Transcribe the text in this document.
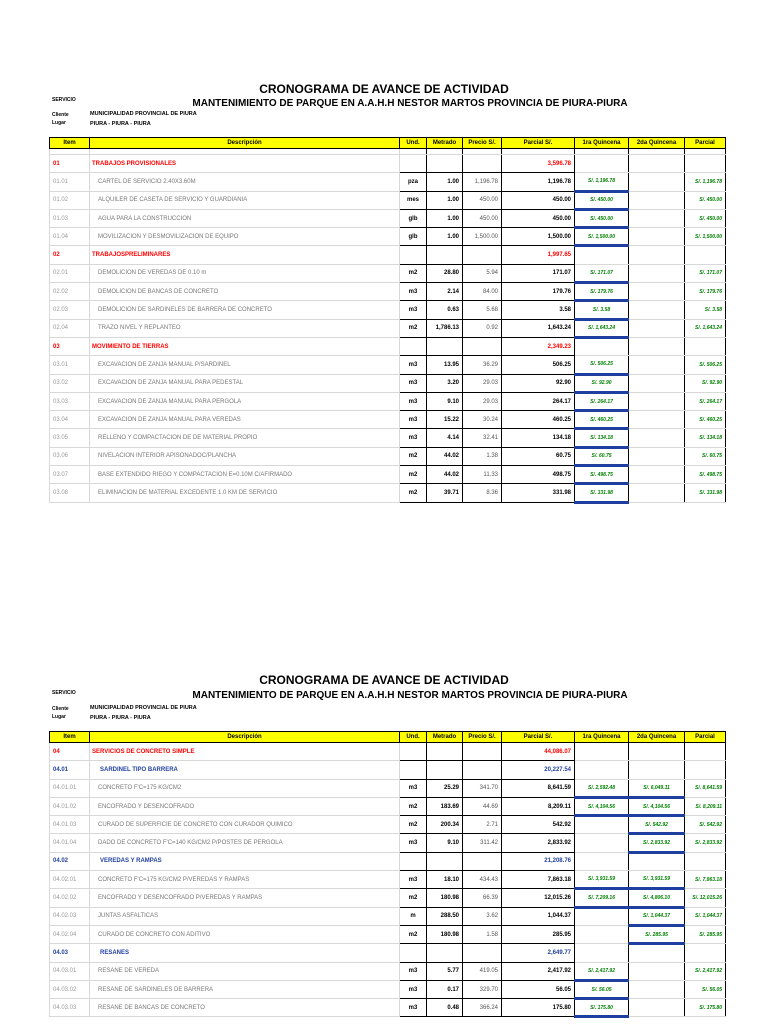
CRONOGRAMA DE AVANCE DE ACTIVIDAD
MANTENIMIENTO DE PARQUE EN A.A.H.H NESTOR MARTOS PROVINCIA DE PIURA-PIURA
SERVICIO
Cliente	MUNICIPALIDAD PROVINCIAL DE PIURA
Lugar	PIURA - PIURA - PIURA
Item	Descripción	Und.	Metrado	Precio S/.	Parcial S/.	1ra Quincena	2da Quincena	Parcial

01	TRABAJOS PROVISIONALES				3,596.78			
01.01	CARTEL DE SERVICIO 2.40X3.60M	pza	1.00	1,196.78	1,196.78	S/. 1,196.78		S/. 1,196.78
01.02	ALQUILER DE CASETA DE SERVICIO Y GUARDIANIA	mes	1.00	450.00	450.00	S/. 450.00		S/. 450.00
01.03	AGUA PARA LA CONSTRUCCION	glb	1.00	450.00	450.00	S/. 450.00		S/. 450.00
01.04	MOVILIZACION Y DESMOVILIZACION DE EQUIPO	glb	1.00	1,500.00	1,500.00	S/. 1,500.00		S/. 1,500.00
02	TRABAJOSPRELIMINARES				1,997.65			
02.01	DEMOLICION DE VEREDAS DE 0.10 m	m2	28.80	5.94	171.07	S/. 171.07		S/. 171.07
02.02	DEMOLICION DE BANCAS DE CONCRETO	m3	2.14	84.00	179.76	S/. 179.76		S/. 179.76
02.03	DEMOLICION DE SARDINELES DE BARRERA DE CONCRETO	m3	0.63	5.68	3.58	S/. 3.58		S/. 3.58
02.04	TRAZO NIVEL Y REPLANTEO	m2	1,786.13	0.92	1,643.24	S/. 1,643.24		S/. 1,643.24
03	MOVIMIENTO DE TIERRAS				2,349.23			
03.01	EXCAVACION DE ZANJA MANUAL P/SARDINEL	m3	13.95	36.29	506.25	S/. 506.25		S/. 506.25
03.02	EXCAVACION DE ZANJA MANUAL PARA PEDESTAL	m3	3.20	29.03	92.90	S/. 92.90		S/. 92.90
03.03	EXCAVACION DE ZANJA MANUAL PARA PERGOLA	m3	9.10	29.03	264.17	S/. 264.17		S/. 264.17
03.04	EXCAVACION DE ZANJA MANUAL PARA VEREDAS	m3	15.22	30.24	460.25	S/. 460.25		S/. 460.25
03.05	RELLENO Y COMPACTACION DE DE MATERIAL PROPIO	m3	4.14	32.41	134.18	S/. 134.18		S/. 134.18
03.06	NIVELACION INTERIOR APISONADOC/PLANCHA	m2	44.02	1.38	60.75	S/. 60.75		S/. 60.75
03.07	BASE EXTENDIDO RIEGO Y COMPACTACION E=0.10M C/AFIRMADO	m2	44.02	11.33	498.75	S/. 498.75		S/. 498.75
03.08	ELIMINACION DE MATERIAL EXCEDENTE 1.0 KM DE SERVICIO	m2	39.71	8.36	331.98	S/. 331.98		S/. 331.98
CRONOGRAMA DE AVANCE DE ACTIVIDAD
MANTENIMIENTO DE PARQUE EN A.A.H.H NESTOR MARTOS PROVINCIA DE PIURA-PIURA
SERVICIO
Cliente	MUNICIPALIDAD PROVINCIAL DE PIURA
Lugar	PIURA - PIURA - PIURA
Item	Descripción	Und.	Metrado	Precio S/.	Parcial S/.	1ra Quincena	2da Quincena	Parcial
04	SERVICIOS DE CONCRETO SIMPLE				44,086.07			
04.01	SARDINEL TIPO BARRERA				20,227.54			
04.01.01	CONCRETO F'C=175 KG/CM2	m3	25.29	341.70	8,641.59	S/. 2,592.48	S/. 6,049.11	S/. 8,641.59
04.01.02	ENCOFRADO Y DESENCOFRADO	m2	183.69	44.69	8,209.11	S/. 4,104.56	S/. 4,104.56	S/. 8,209.11
04.01.03	CURADO DE SUPERFICIE DE CONCRETO CON CURADOR QUIMICO	m2	200.34	2.71	542.92		S/. 542.92	S/. 542.92
04.01.04	DADO DE CONCRETO F'C=140 KG/CM2 P/POSTES DE PERGOLA	m3	9.10	311.42	2,833.92		S/. 2,833.92	S/. 2,833.92
04.02	VEREDAS Y RAMPAS				21,208.76			
04.02.01	CONCRETO F'C=175 KG/CM2 P/VEREDAS Y RAMPAS	m3	18.10	434.43	7,863.18	S/. 3,931.59	S/. 3,931.59	S/. 7,863.18
04.02.02	ENCOFRADO Y DESENCOFRADO P/VEREDAS Y RAMPAS	m2	180.98	66.39	12,015.26	S/. 7,209.16	S/. 4,806.10	S/. 12,015.26
04.02.03	JUNTAS ASFALTICAS	m	288.50	3.62	1,044.37		S/. 1,044.37	S/. 1,044.37
04.02.04	CURADO DE CONCRETO CON ADITIVO	m2	180.98	1.58	285.95		S/. 285.95	S/. 285.95
04.03	RESANES				2,649.77			
04.03.01	RESANE DE VEREDA	m3	5.77	419.05	2,417.92	S/. 2,417.92		S/. 2,417.92
04.03.02	RESANE DE SARDINELES DE BARRERA	m3	0.17	329.70	56.05	S/. 56.05		S/. 56.05
04.03.03	RESANE DE BANCAS DE CONCRETO	m3	0.48	366.24	175.80	S/. 175.80		S/. 175.80
